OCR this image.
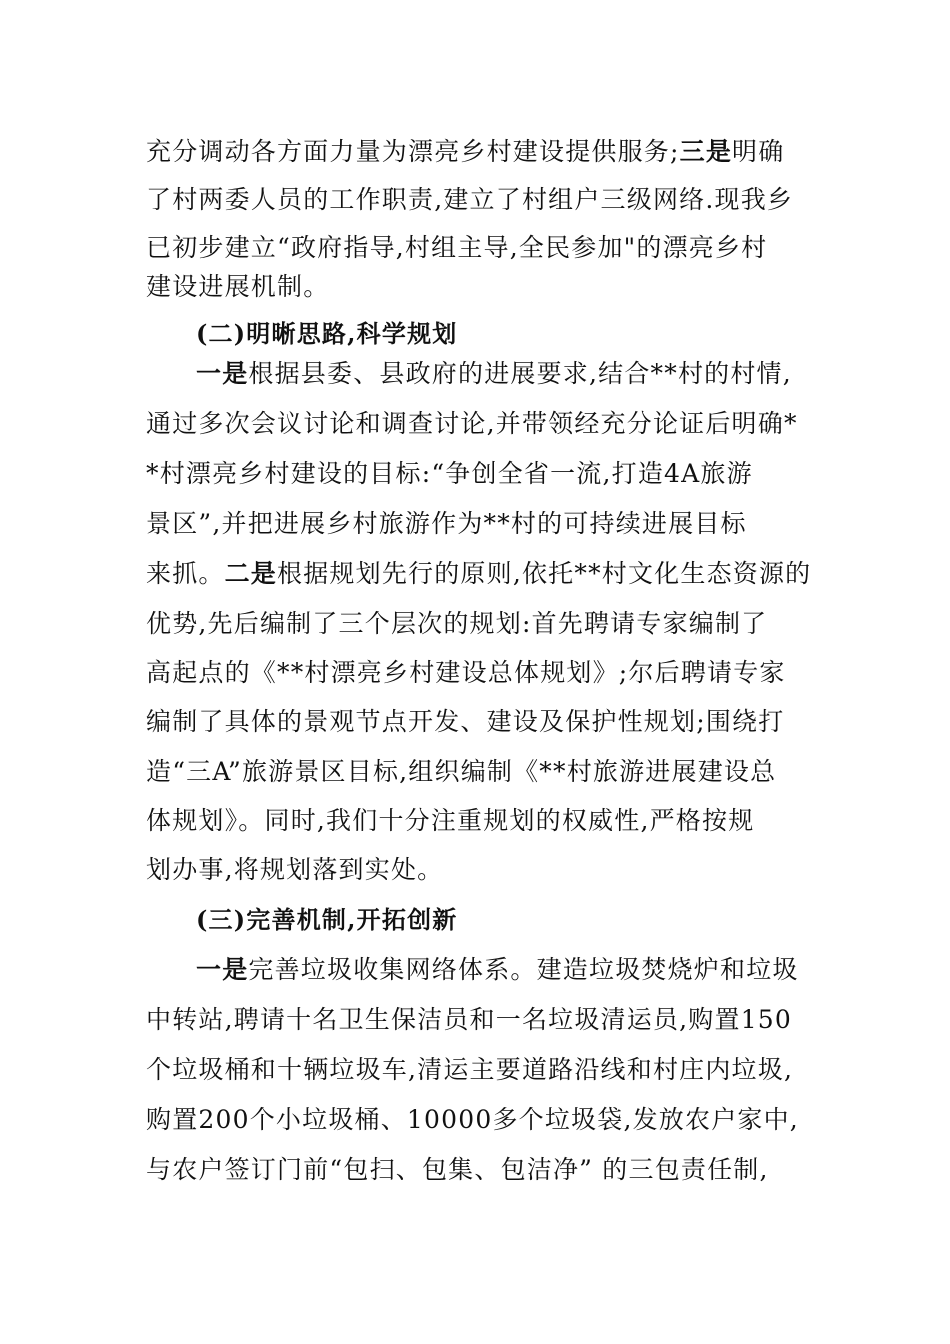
充分调动各方面力量为漂亮乡村建设提供服务;三是明确
了村两委人员的工作职责,建立了村组户三级网络.现我乡
已初步建立“政府指导,村组主导,全民参加"的漂亮乡村
建设进展机制。
(二)明晰思路,科学规划
一是根据县委、县政府的进展要求,结合**村的村情,
通过多次会议讨论和调查讨论,并带领经充分论证后明确*
*村漂亮乡村建设的目标:“争创全省一流,打造4A旅游
景区”,并把进展乡村旅游作为**村的可持续进展目标
来抓。二是根据规划先行的原则,依托**村文化生态资源的
优势,先后编制了三个层次的规划:首先聘请专家编制了
高起点的《**村漂亮乡村建设总体规划》;尔后聘请专家
编制了具体的景观节点开发、建设及保护性规划;围绕打
造“三A”旅游景区目标,组织编制《**村旅游进展建设总
体规划》。同时,我们十分注重规划的权威性,严格按规
划办事,将规划落到实处。
(三)完善机制,开拓创新
一是完善垃圾收集网络体系。建造垃圾焚烧炉和垃圾
中转站,聘请十名卫生保洁员和一名垃圾清运员,购置150
个垃圾桶和十辆垃圾车,清运主要道路沿线和村庄内垃圾,
购置200个小垃圾桶、10000多个垃圾袋,发放农户家中,
与农户签订门前“包扫、包集、包洁净” 的三包责任制,
